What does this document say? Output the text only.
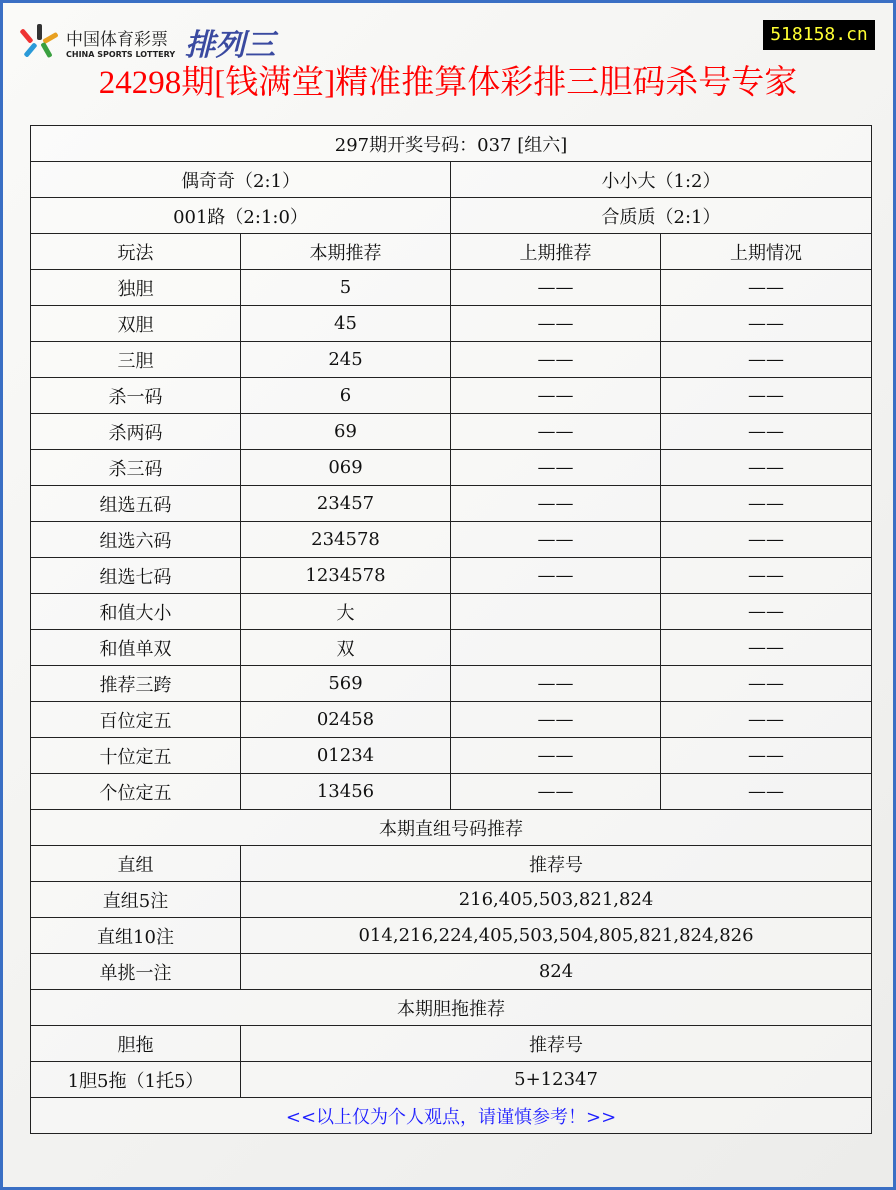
中国体育彩票
CHINA SPORTS LOTTERY 排列三	518158.cn
24298期[钱满堂]精准推算体彩排三胆码杀号专家
297期开奖号码：037 [组六]			
偶奇奇（2:1）		小小大（1:2）	
001路（2:1:0）		合质质（2:1）	
玩法	本期推荐	上期推荐	上期情况
独胆	5	——	——
双胆	45	——	——
三胆	245	——	——
杀一码	6	——	——
杀两码	69	——	——
杀三码	069	——	——
组选五码	23457	——	——
组选六码	234578	——	——
组选七码	1234578	——	——
和值大小	大		——
和值单双	双		——
推荐三跨	569	——	——
百位定五	02458	——	——
十位定五	01234	——	——
个位定五	13456	——	——
本期直组号码推荐			
直组	推荐号		
直组5注	216,405,503,821,824		
直组10注	014,216,224,405,503,504,805,821,824,826		
单挑一注	824		
本期胆拖推荐			
胆拖	推荐号		
1胆5拖（1托5）	5+12347		
<<以上仅为个人观点，请谨慎参考！>>			
